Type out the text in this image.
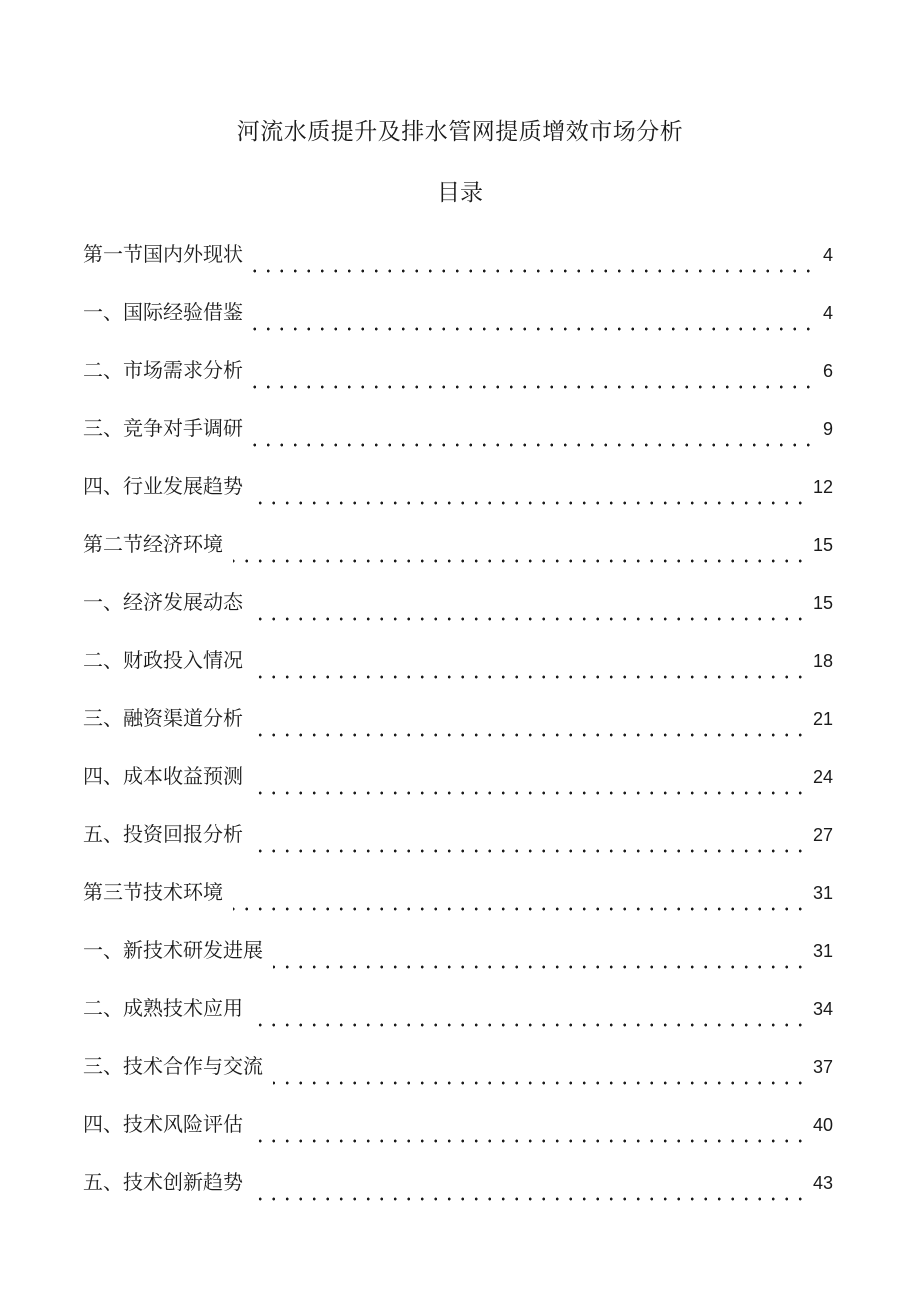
河流水质提升及排水管网提质增效市场分析
目录
第一节国内外现状	4
一、国际经验借鉴	4
二、市场需求分析	6
三、竞争对手调研	9
四、行业发展趋势	12
第二节经济环境	15
一、经济发展动态	15
二、财政投入情况	18
三、融资渠道分析	21
四、成本收益预测	24
五、投资回报分析	27
第三节技术环境	31
一、新技术研发进展	31
二、成熟技术应用	34
三、技术合作与交流	37
四、技术风险评估	40
五、技术创新趋势	43
